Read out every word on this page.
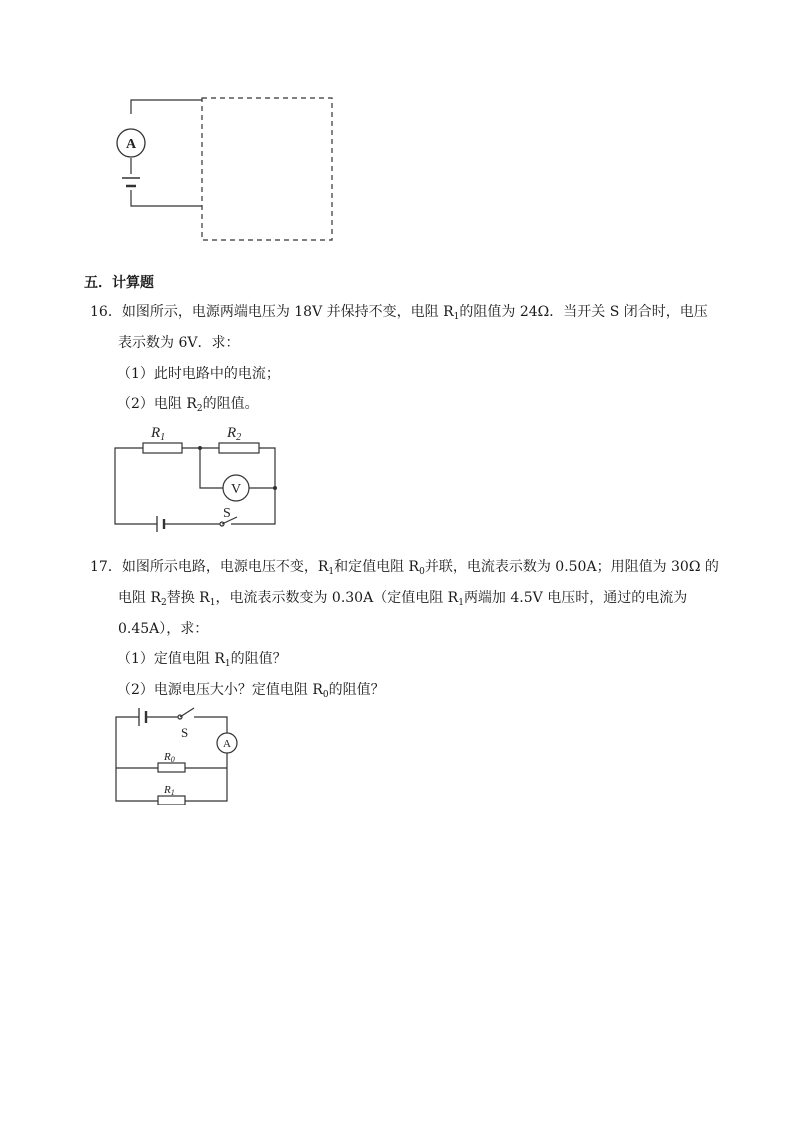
A
五．计算题
16．如图所示，电源两端电压为 18V 并保持不变，电阻 $R_1$的阻值为 24Ω．当开关 S 闭合时，电压
表示数为 6V．求：
（1）此时电路中的电流；
（2）电阻 $R_2$的阻值。
$R_1$	$R_2$
V
S
17．如图所示电路，电源电压不变，$R_1$和定值电阻 $R_0$并联，电流表示数为 0.50A；用阻值为 30Ω 的
电阻 $R_2$替换 $R_1$，电流表示数变为 0.30A（定值电阻 $R_1$两端加 4.5V 电压时，通过的电流为
0.45A），求：
（1）定值电阻 $R_1$的阻值？
（2）电源电压大小？定值电阻 $R_0$的阻值？
S
A
R0
R1
